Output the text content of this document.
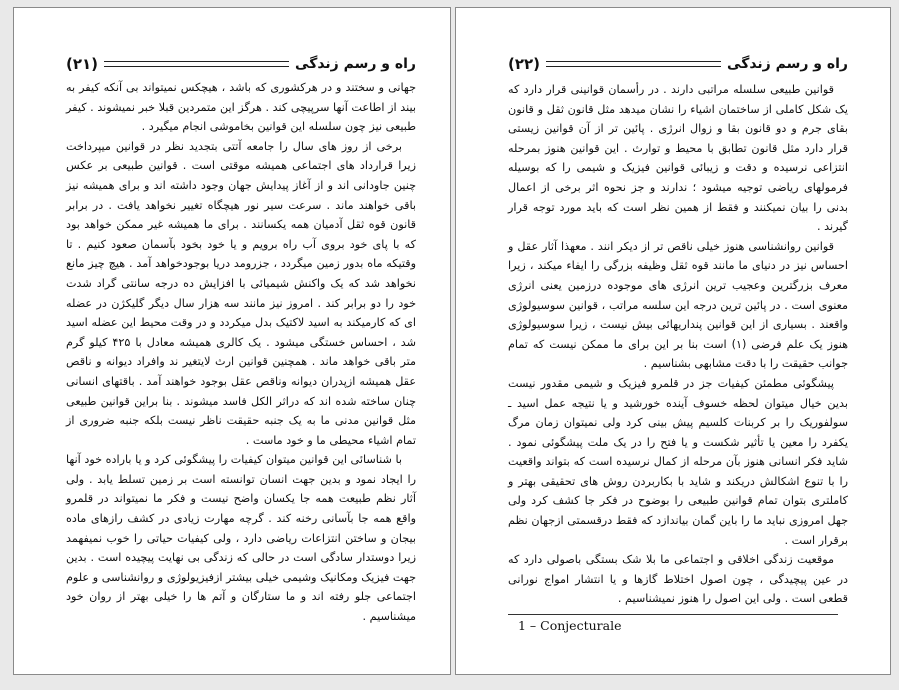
(۲۱)	راه و رسم زندگی

جهانی و سختند و در هرکشوری که باشد ، هیچکس نمیتواند بی آنکه کیفر به بیند از اطاعت آنها سرپیچی کند . هرگز این متمردین قبلا خبر نمیشوند . کیفر طبیعی نیز چون سلسله این قوانین بخاموشی انجام میگیرد .

برخی از روز های سال را جامعه آتتی بتجدید نظر در قوانین میپرداخت زیرا قرارداد های اجتماعی همیشه موقتی است . قوانین طبیعی بر عکس چنین جاودانی اند و از آغاز پیدایش جهان وجود داشته اند و برای همیشه نیز باقی خواهند ماند . سرعت سیر نور هیچگاه تغییر نخواهد یافت . در برابر قانون قوه ثقل آدمیان همه یکسانند . برای ما همیشه غیر ممکن خواهد بود که با پای خود بروی آب راه برویم و یا خود بخود بآسمان صعود کنیم . تا وقتیکه ماه بدور زمین میگردد ، جزرومد دریا بوجودخواهد آمد . هیچ چیز مانع نخواهد شد که یک واکنش شیمیائی با افزایش ده درجه سانتی گراد شدت خود را دو برابر کند . امروز نیز مانند سه هزار سال دیگر گلیکژن در عضله ای که کارمیکند به اسید لاکتیک بدل میکردد و در وقت محیط این عضله اسید شد ، احساس خستگی میشود . یک کالری همیشه معادل با ۴۲۵ کیلو گرم متر باقی خواهد ماند . همچنین قوانین ارث لایتغیر ند وافراد دیوانه و ناقص عقل همیشه ازپدران دیوانه وناقص عقل بوجود خواهند آمد . باقتهای انسانی چنان ساخته شده اند که دراثر الکل فاسد میشوند . بنا براین قوانین طبیعی مثل قوانین مدنی ما به یک جنبه حقیقت ناظر نیست بلکه جنبه ضروری از تمام اشیاء محیطی ما و خود ماست .

با شناسائی این قوانین میتوان کیفیات را پیشگوئی کرد و یا باراده خود آنها را ایجاد نمود و بدین جهت انسان توانسته است بر زمین تسلط یابد . ولی آثار نظم طبیعت همه جا یکسان واضح نیست و فکر ما نمیتواند در قلمرو واقع همه جا بآسانی رخنه کند . گرچه مهارت زیادی در کشف رازهای ماده بیجان و ساختن انتزاعات ریاضی دارد ، ولی کیفیات حیاتی را خوب نمیفهمد زیرا دوستدار سادگی است در حالی که زندگی بی نهایت پیچیده است . بدین جهت فیزیک ومکانیک وشیمی خیلی بیشتر ازفیزیولوژی و روانشناسی و علوم اجتماعی جلو رفته اند و ما ستارگان و آتم ها را خیلی بهتر از روان خود میشناسیم .

(۲۲)	راه و رسم زندگی

قوانین طبیعی سلسله مراتبی دارند . در رأسمان قوانینی قرار دارد که یک شکل کاملی از ساختمان اشیاء را نشان میدهد مثل قانون ثقل و قانون بقای جرم و دو قانون بقا و زوال انرژی . پائین تر از آن قوانین زیستی قرار دارد مثل قانون تطابق با محیط و توارث . این قوانین هنوز بمرحله انتزاعی نرسیده و دقت و زیبائی قوانین فیزیک و شیمی را که بوسیله فرمولهای ریاضی توجیه میشود ؛ ندارند و جز نحوه اثر برخی از اعمال بدنی را بیان نمیکنند و فقط از همین نظر است که باید مورد توجه قرار گیرند .

قوانین روانشناسی هنوز خیلی ناقص تر از دیکر انند . معهذا آثار عقل و احساس نیز در دنیای ما مانند قوه ثقل وظیفه بزرگی را ایفاء میکند ، زیرا معرف بزرگترین وعجیب ترین انرژی های موجوده درزمین یعنی انرژی معنوی است . در پائین ترین درجه این سلسه مراتب ، قوانین سوسیولوژی واقعند . بسیاری از این قوانین پنداریهائی بیش نیست ، زیرا سوسیولوژی هنوز یک علم فرضی (۱) است بنا بر این برای ما ممکن نیست که تمام جوانب حقیقت را با دقت مشابهی بشناسیم .

پیشگوئی مطمئن کیفیات جز در قلمرو فیزیک و شیمی مقدور نیست بدین خیال میتوان لحظه خسوف آینده خورشید و یا نتیجه عمل اسید ـ سولفوریک را بر کربنات کلسیم پیش بینی کرد ولی نمیتوان زمان مرگ یکفرد را معین یا تأثیر شکست و یا فتح را در یک ملت پیشگوئی نمود . شاید فکر انسانی هنوز بآن مرحله از کمال نرسیده است که بتواند واقعیت را با تنوع اشکالش دریکند و شاید با بکاربردن روش های تحقیقی بهتر و کاملتری بتوان تمام قوانین طبیعی را بوضوح در فکر جا کشف کرد ولی جهل امروزی نباید ما را باین گمان بیاندازد که فقط درقسمتی ازجهان نظم برقرار است .

موقعیت زندگی اخلاقی و اجتماعی ما بلا شک بستگی باصولی دارد که در عین پیچیدگی ، چون اصول اختلاط گازها و یا انتشار امواج نورانی قطعی است . ولی این اصول را هنوز نمیشناسیم .

1 – Conjecturale
